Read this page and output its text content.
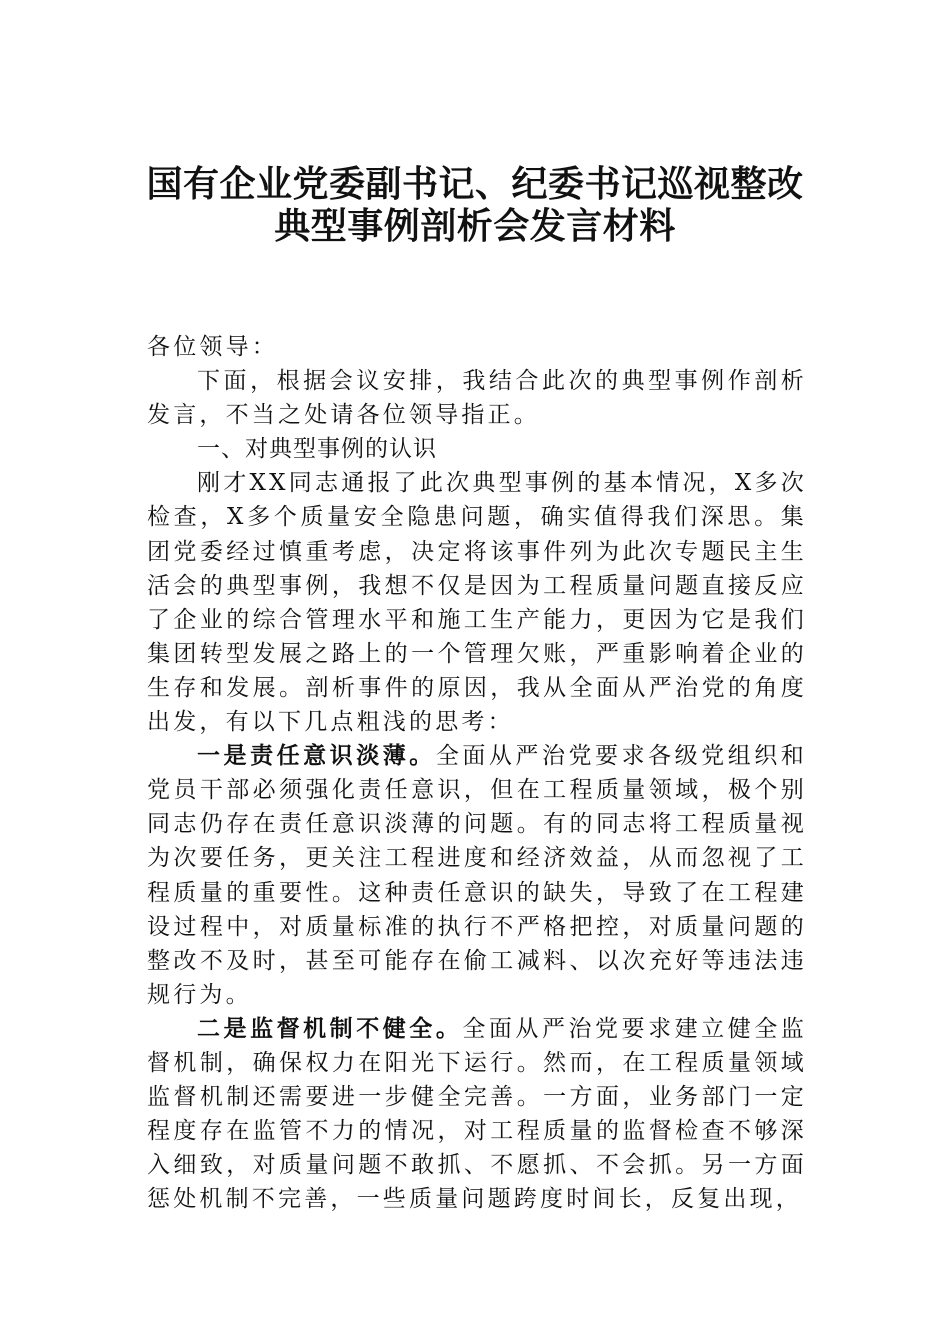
国有企业党委副书记、纪委书记巡视整改
典型事例剖析会发言材料

各位领导：

下面，根据会议安排，我结合此次的典型事例作剖析发言，不当之处请各位领导指正。

一、对典型事例的认识

刚才XX同志通报了此次典型事例的基本情况，X多次检查，X多个质量安全隐患问题，确实值得我们深思。集团党委经过慎重考虑，决定将该事件列为此次专题民主生活会的典型事例，我想不仅是因为工程质量问题直接反应了企业的综合管理水平和施工生产能力，更因为它是我们集团转型发展之路上的一个管理欠账，严重影响着企业的生存和发展。剖析事件的原因，我从全面从严治党的角度出发，有以下几点粗浅的思考：

一是责任意识淡薄。全面从严治党要求各级党组织和党员干部必须强化责任意识，但在工程质量领域，极个别同志仍存在责任意识淡薄的问题。有的同志将工程质量视为次要任务，更关注工程进度和经济效益，从而忽视了工程质量的重要性。这种责任意识的缺失，导致了在工程建设过程中，对质量标准的执行不严格把控，对质量问题的整改不及时，甚至可能存在偷工减料、以次充好等违法违规行为。

二是监督机制不健全。全面从严治党要求建立健全监督机制，确保权力在阳光下运行。然而，在工程质量领域监督机制还需要进一步健全完善。一方面，业务部门一定程度存在监管不力的情况，对工程质量的监督检查不够深入细致，对质量问题不敢抓、不愿抓、不会抓。另一方面惩处机制不完善，一些质量问题跨度时间长，反复出现，
